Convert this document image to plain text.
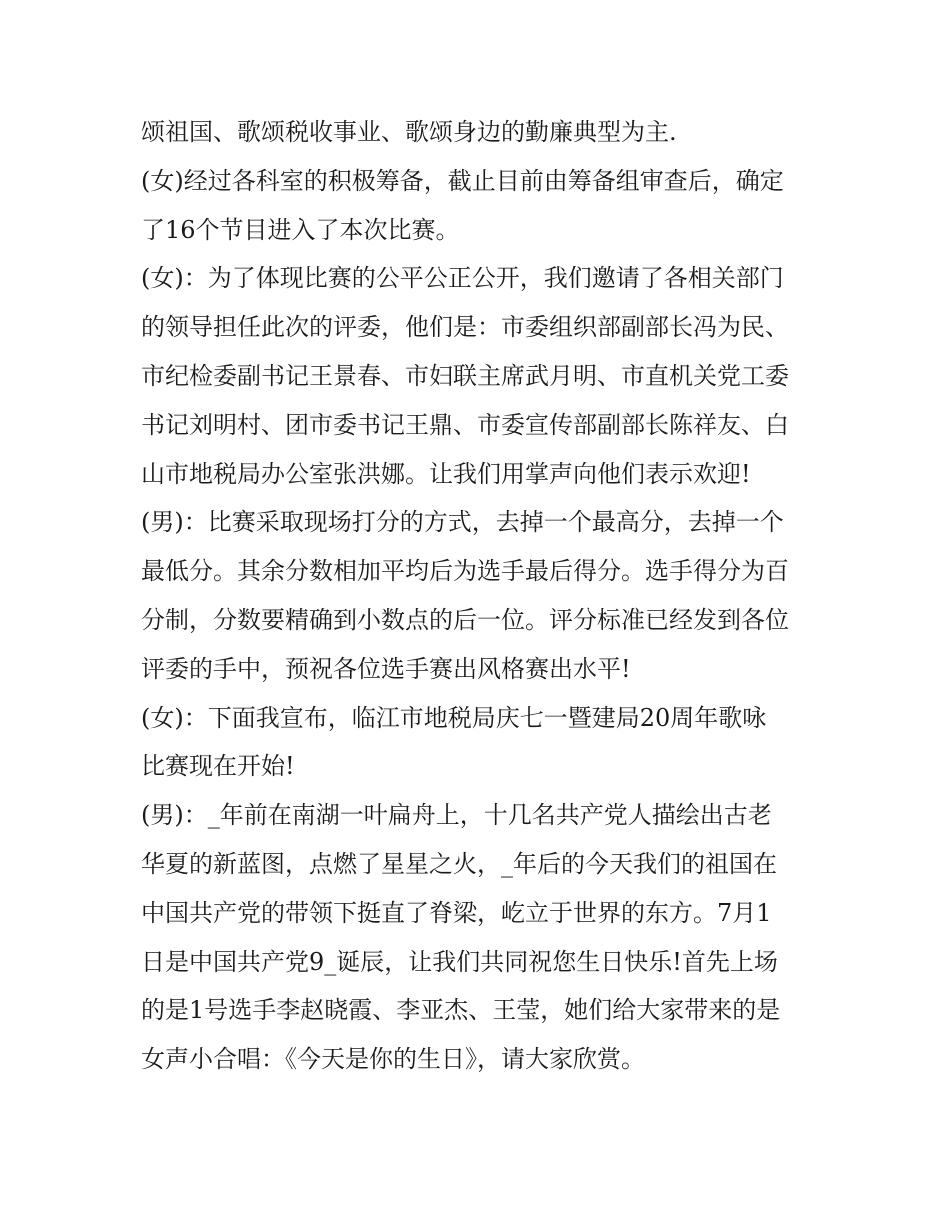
颂祖国、歌颂税收事业、歌颂身边的勤廉典型为主.
(女)经过各科室的积极筹备，截止目前由筹备组审查后，确定
了16个节目进入了本次比赛。
(女)：为了体现比赛的公平公正公开，我们邀请了各相关部门
的领导担任此次的评委，他们是：市委组织部副部长冯为民、
市纪检委副书记王景春、市妇联主席武月明、市直机关党工委
书记刘明村、团市委书记王鼎、市委宣传部副部长陈祥友、白
山市地税局办公室张洪娜。让我们用掌声向他们表示欢迎!
(男)：比赛采取现场打分的方式，去掉一个最高分，去掉一个
最低分。其余分数相加平均后为选手最后得分。选手得分为百
分制，分数要精确到小数点的后一位。评分标准已经发到各位
评委的手中，预祝各位选手赛出风格赛出水平!
(女)：下面我宣布，临江市地税局庆七一暨建局20周年歌咏
比赛现在开始!
(男)：_年前在南湖一叶扁舟上，十几名共产党人描绘出古老
华夏的新蓝图，点燃了星星之火，_年后的今天我们的祖国在
中国共产党的带领下挺直了脊梁，屹立于世界的东方。7月1
日是中国共产党9_诞辰，让我们共同祝您生日快乐!首先上场
的是1号选手李赵晓霞、李亚杰、王莹，她们给大家带来的是
女声小合唱：《今天是你的生日》，请大家欣赏。
